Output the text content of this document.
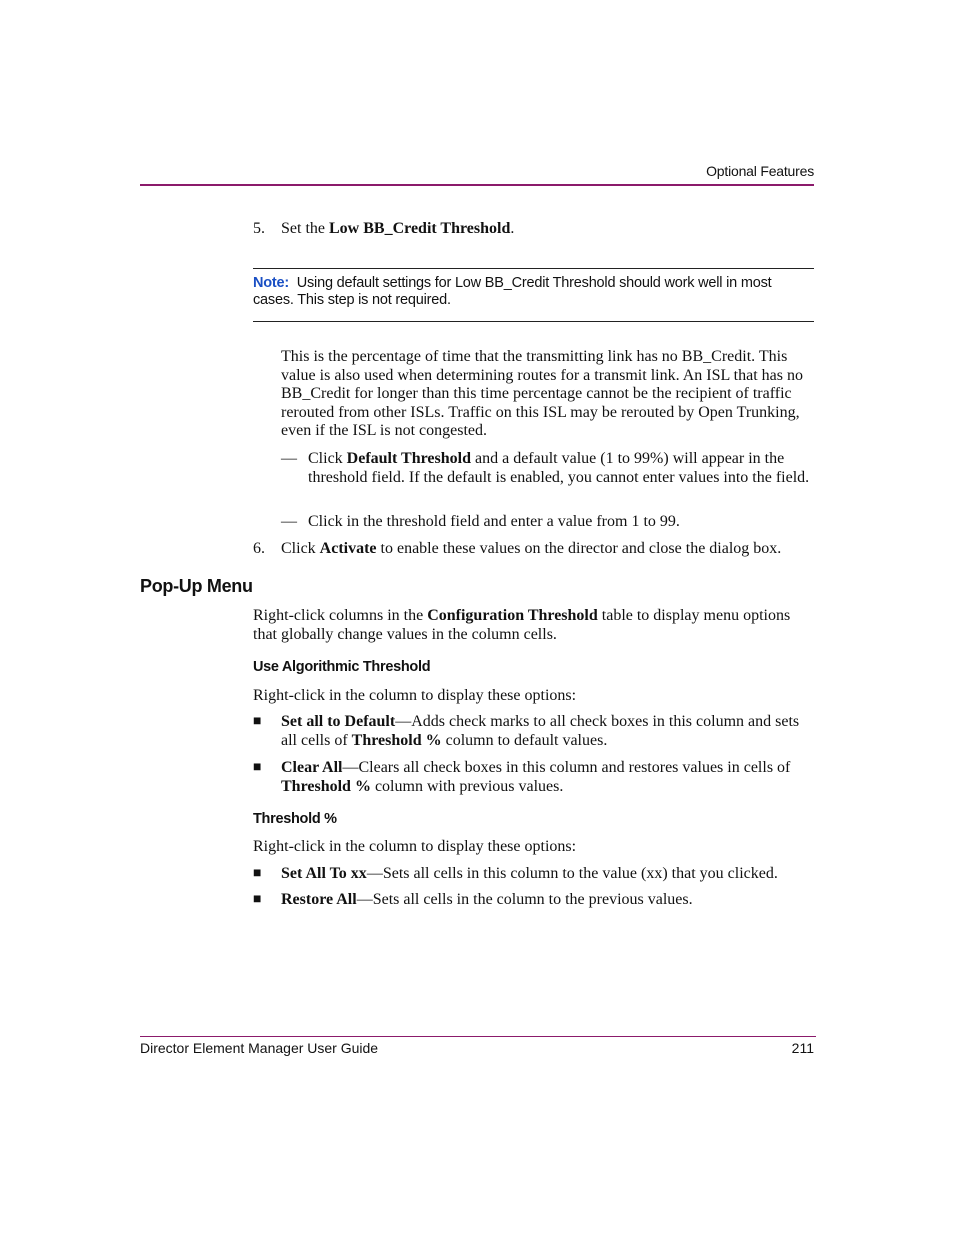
Optional Features
5. Set the Low BB_Credit Threshold.
Note: Using default settings for Low BB_Credit Threshold should work well in most cases. This step is not required.
This is the percentage of time that the transmitting link has no BB_Credit. This value is also used when determining routes for a transmit link. An ISL that has no BB_Credit for longer than this time percentage cannot be the recipient of traffic rerouted from other ISLs. Traffic on this ISL may be rerouted by Open Trunking, even if the ISL is not congested.
— Click Default Threshold and a default value (1 to 99%) will appear in the threshold field. If the default is enabled, you cannot enter values into the field.
— Click in the threshold field and enter a value from 1 to 99.
6. Click Activate to enable these values on the director and close the dialog box.
Pop-Up Menu
Right-click columns in the Configuration Threshold table to display menu options that globally change values in the column cells.
Use Algorithmic Threshold
Right-click in the column to display these options:
■ Set all to Default—Adds check marks to all check boxes in this column and sets all cells of Threshold % column to default values.
■ Clear All—Clears all check boxes in this column and restores values in cells of Threshold % column with previous values.
Threshold %
Right-click in the column to display these options:
■ Set All To xx—Sets all cells in this column to the value (xx) that you clicked.
■ Restore All—Sets all cells in the column to the previous values.
Director Element Manager User Guide	211
